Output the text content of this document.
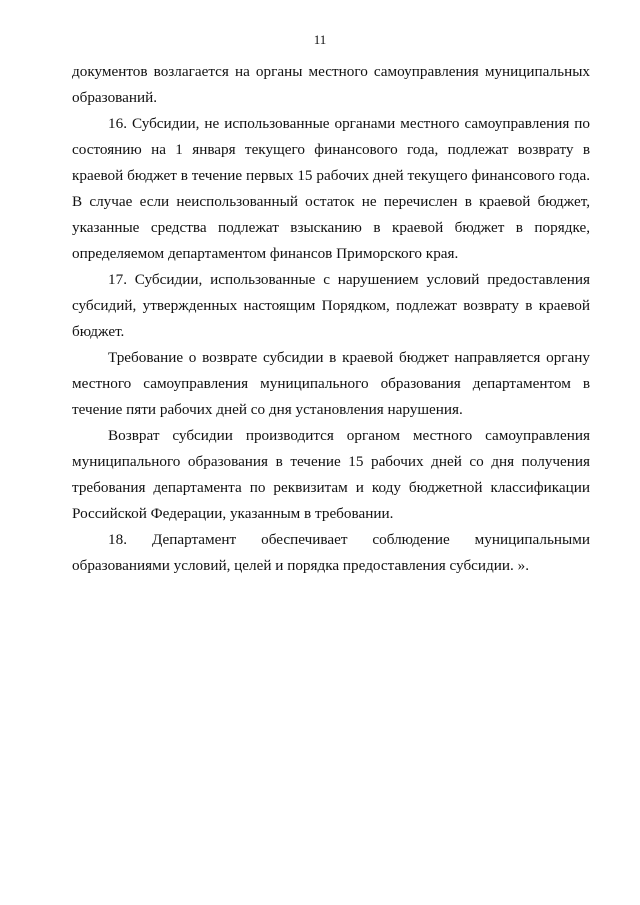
11

документов возлагается на органы местного самоуправления муниципальных образований.

16. Субсидии, не использованные органами местного самоуправления по состоянию на 1 января текущего финансового года, подлежат возврату в краевой бюджет в течение первых 15 рабочих дней текущего финансового года. В случае если неиспользованный остаток не перечислен в краевой бюджет, указанные средства подлежат взысканию в краевой бюджет в порядке, определяемом департаментом финансов Приморского края.

17. Субсидии, использованные с нарушением условий предоставления субсидий, утвержденных настоящим Порядком, подлежат возврату в краевой бюджет.

Требование о возврате субсидии в краевой бюджет направляется органу местного самоуправления муниципального образования департаментом в течение пяти рабочих дней со дня установления нарушения.

Возврат субсидии производится органом местного самоуправления муниципального образования в течение 15 рабочих дней со дня получения требования департамента по реквизитам и коду бюджетной классификации Российской Федерации, указанным в требовании.

18. Департамент обеспечивает соблюдение муниципальными
образованиями условий, целей и порядка предоставления субсидии. ».
